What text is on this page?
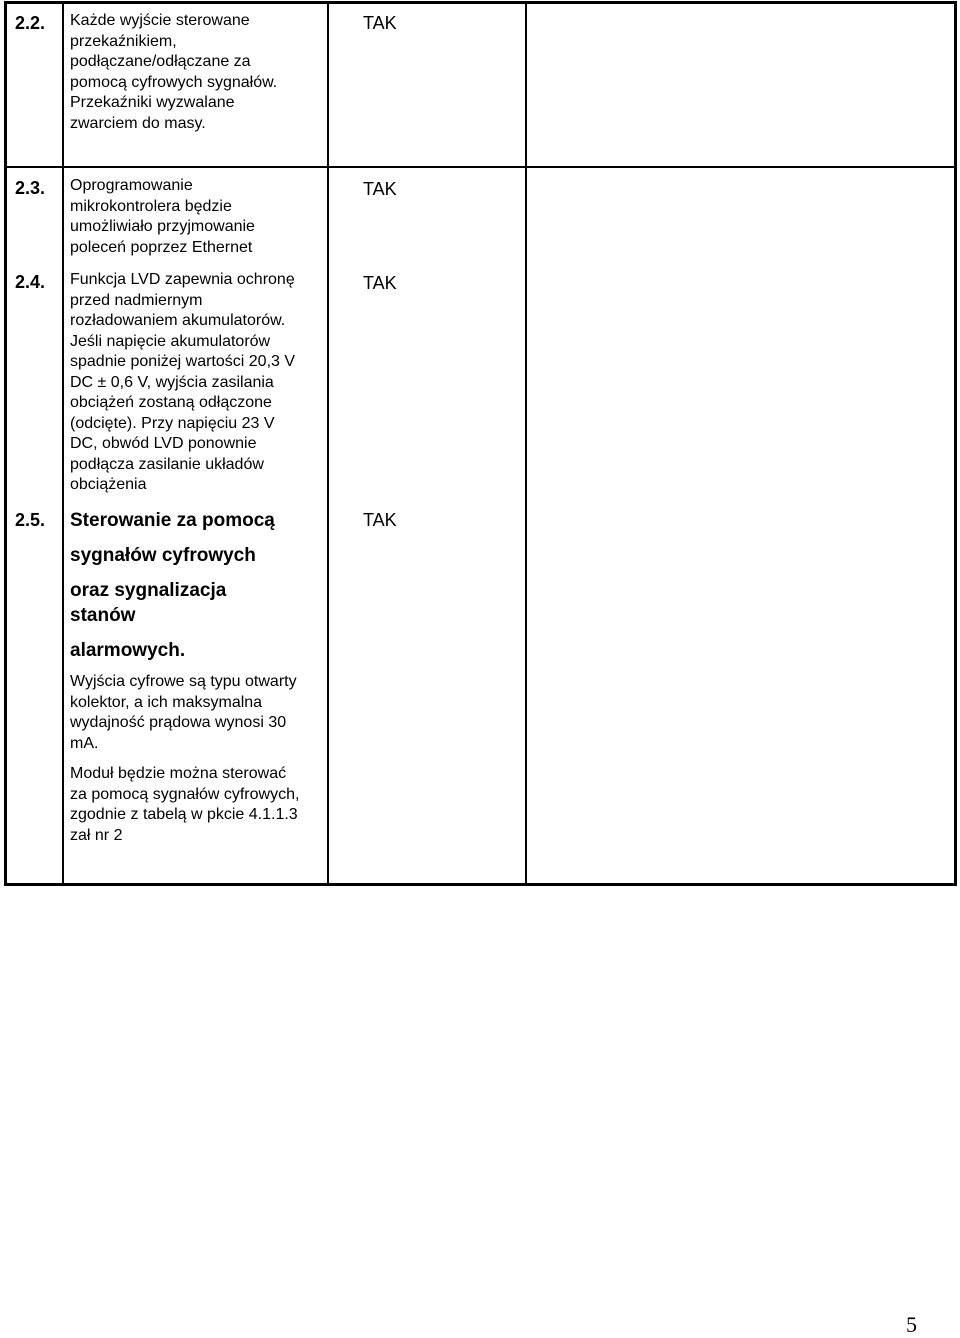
2.2. Każde wyjście sterowane
przekaźnikiem,
podłączane/odłączane za
pomocą cyfrowych sygnałów.
Przekaźniki wyzwalane
zwarciem do masy.
TAK
2.3. Oprogramowanie
mikrokontrolera będzie
umożliwiało przyjmowanie
poleceń poprzez Ethernet
TAK
2.4. Funkcja LVD zapewnia ochronę
przed nadmiernym
rozładowaniem akumulatorów.
Jeśli napięcie akumulatorów
spadnie poniżej wartości 20,3 V
DC ± 0,6 V, wyjścia zasilania
obciążeń zostaną odłączone
(odcięte). Przy napięciu 23 V
DC, obwód LVD ponownie
podłącza zasilanie układów
obciążenia
TAK
2.5. Sterowanie za pomocą
sygnałów cyfrowych
oraz sygnalizacja
stanów
alarmowych.
Wyjścia cyfrowe są typu otwarty
kolektor, a ich maksymalna
wydajność prądowa wynosi 30
mA.
Moduł będzie można sterować
za pomocą sygnałów cyfrowych,
zgodnie z tabelą w pkcie 4.1.1.3
zał nr 2
TAK
5
